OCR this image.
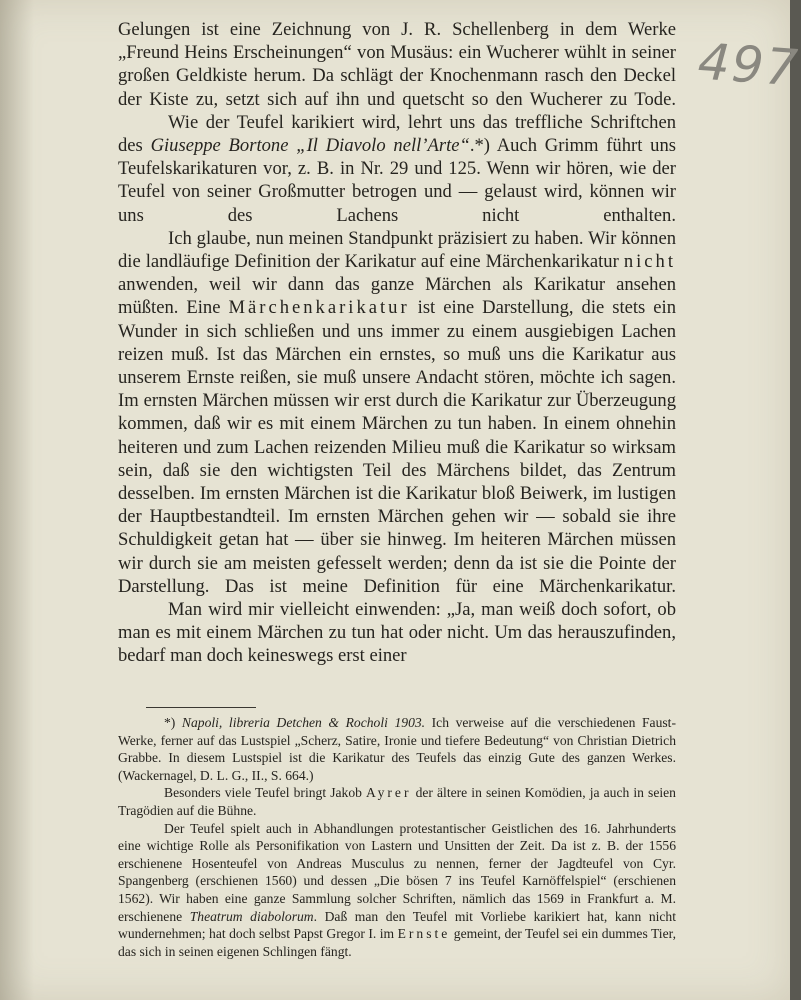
497

Gelungen ist eine Zeichnung von J. R. Schellenberg in dem Werke „Freund Heins Erscheinungen“ von Musäus: ein Wucherer wühlt in seiner großen Geldkiste herum. Da schlägt der Knochenmann rasch den Deckel der Kiste zu, setzt sich auf ihn und quetscht so den Wucherer zu Tode.

Wie der Teufel karikiert wird, lehrt uns das treffliche Schriftchen des Giuseppe Bortone „Il Diavolo nell’Arte“.*) Auch Grimm führt uns Teufelskarikaturen vor, z. B. in Nr. 29 und 125. Wenn wir hören, wie der Teufel von seiner Großmutter betrogen und — gelaust wird, können wir uns des Lachens nicht enthalten.

Ich glaube, nun meinen Standpunkt präzisiert zu haben. Wir können die landläufige Definition der Karikatur auf eine Märchenkarikatur nicht anwenden, weil wir dann das ganze Märchen als Karikatur ansehen müßten. Eine Märchenkarikatur ist eine Darstellung, die stets ein Wunder in sich schließen und uns immer zu einem ausgiebigen Lachen reizen muß. Ist das Märchen ein ernstes, so muß uns die Karikatur aus unserem Ernste reißen, sie muß unsere Andacht stören, möchte ich sagen. Im ernsten Märchen müssen wir erst durch die Karikatur zur Überzeugung kommen, daß wir es mit einem Märchen zu tun haben. In einem ohnehin heiteren und zum Lachen reizenden Milieu muß die Karikatur so wirksam sein, daß sie den wichtigsten Teil des Märchens bildet, das Zentrum desselben. Im ernsten Märchen ist die Karikatur bloß Beiwerk, im lustigen der Hauptbestandteil. Im ernsten Märchen gehen wir — sobald sie ihre Schuldigkeit getan hat — über sie hinweg. Im heiteren Märchen müssen wir durch sie am meisten gefesselt werden; denn da ist sie die Pointe der Darstellung. Das ist meine Definition für eine Märchenkarikatur.

Man wird mir vielleicht einwenden: „Ja, man weiß doch sofort, ob man es mit einem Märchen zu tun hat oder nicht. Um das herauszufinden, bedarf man doch keineswegs erst einer

*) Napoli, libreria Detchen & Rocholi 1903. Ich verweise auf die verschiedenen Faust-Werke, ferner auf das Lustspiel „Scherz, Satire, Ironie und tiefere Bedeutung“ von Christian Dietrich Grabbe. In diesem Lustspiel ist die Karikatur des Teufels das einzig Gute des ganzen Werkes. (Wackernagel, D. L. G., II., S. 664.)

Besonders viele Teufel bringt Jakob Ayrer der ältere in seinen Komödien, ja auch in seien Tragödien auf die Bühne.

Der Teufel spielt auch in Abhandlungen protestantischer Geistlichen des 16. Jahrhunderts eine wichtige Rolle als Personifikation von Lastern und Unsitten der Zeit. Da ist z. B. der 1556 erschienene Hosenteufel von Andreas Musculus zu nennen, ferner der Jagdteufel von Cyr. Spangenberg (erschienen 1560) und dessen „Die bösen 7 ins Teufel Karnöffelspiel“ (erschienen 1562). Wir haben eine ganze Sammlung solcher Schriften, nämlich das 1569 in Frankfurt a. M. erschienene Theatrum diabolorum. Daß man den Teufel mit Vorliebe karikiert hat, kann nicht wundernehmen; hat doch selbst Papst Gregor I. im Ernste gemeint, der Teufel sei ein dummes Tier, das sich in seinen eigenen Schlingen fängt.
